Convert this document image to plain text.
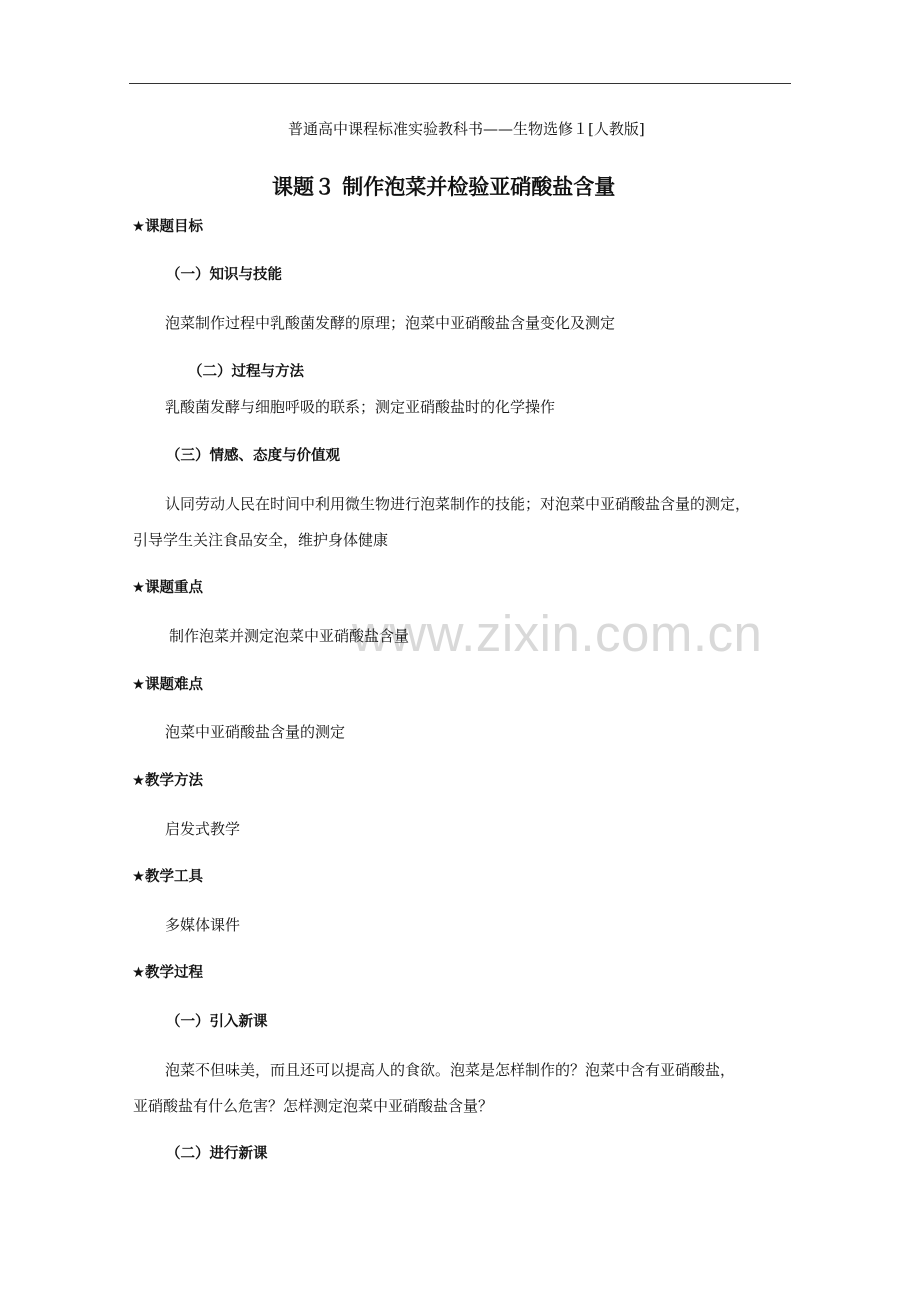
www.zixin.com.cn
普通高中课程标准实验教科书——生物选修１[人教版]
课题３ 制作泡菜并检验亚硝酸盐含量
★课题目标
（一）知识与技能
泡菜制作过程中乳酸菌发酵的原理；泡菜中亚硝酸盐含量变化及测定
（二）过程与方法
乳酸菌发酵与细胞呼吸的联系；测定亚硝酸盐时的化学操作
（三）情感、态度与价值观
认同劳动人民在时间中利用微生物进行泡菜制作的技能；对泡菜中亚硝酸盐含量的测定，
引导学生关注食品安全，维护身体健康
★课题重点
制作泡菜并测定泡菜中亚硝酸盐含量
★课题难点
泡菜中亚硝酸盐含量的测定
★教学方法
启发式教学
★教学工具
多媒体课件
★教学过程
（一）引入新课
泡菜不但味美，而且还可以提高人的食欲。泡菜是怎样制作的？泡菜中含有亚硝酸盐，
亚硝酸盐有什么危害？怎样测定泡菜中亚硝酸盐含量？
（二）进行新课
